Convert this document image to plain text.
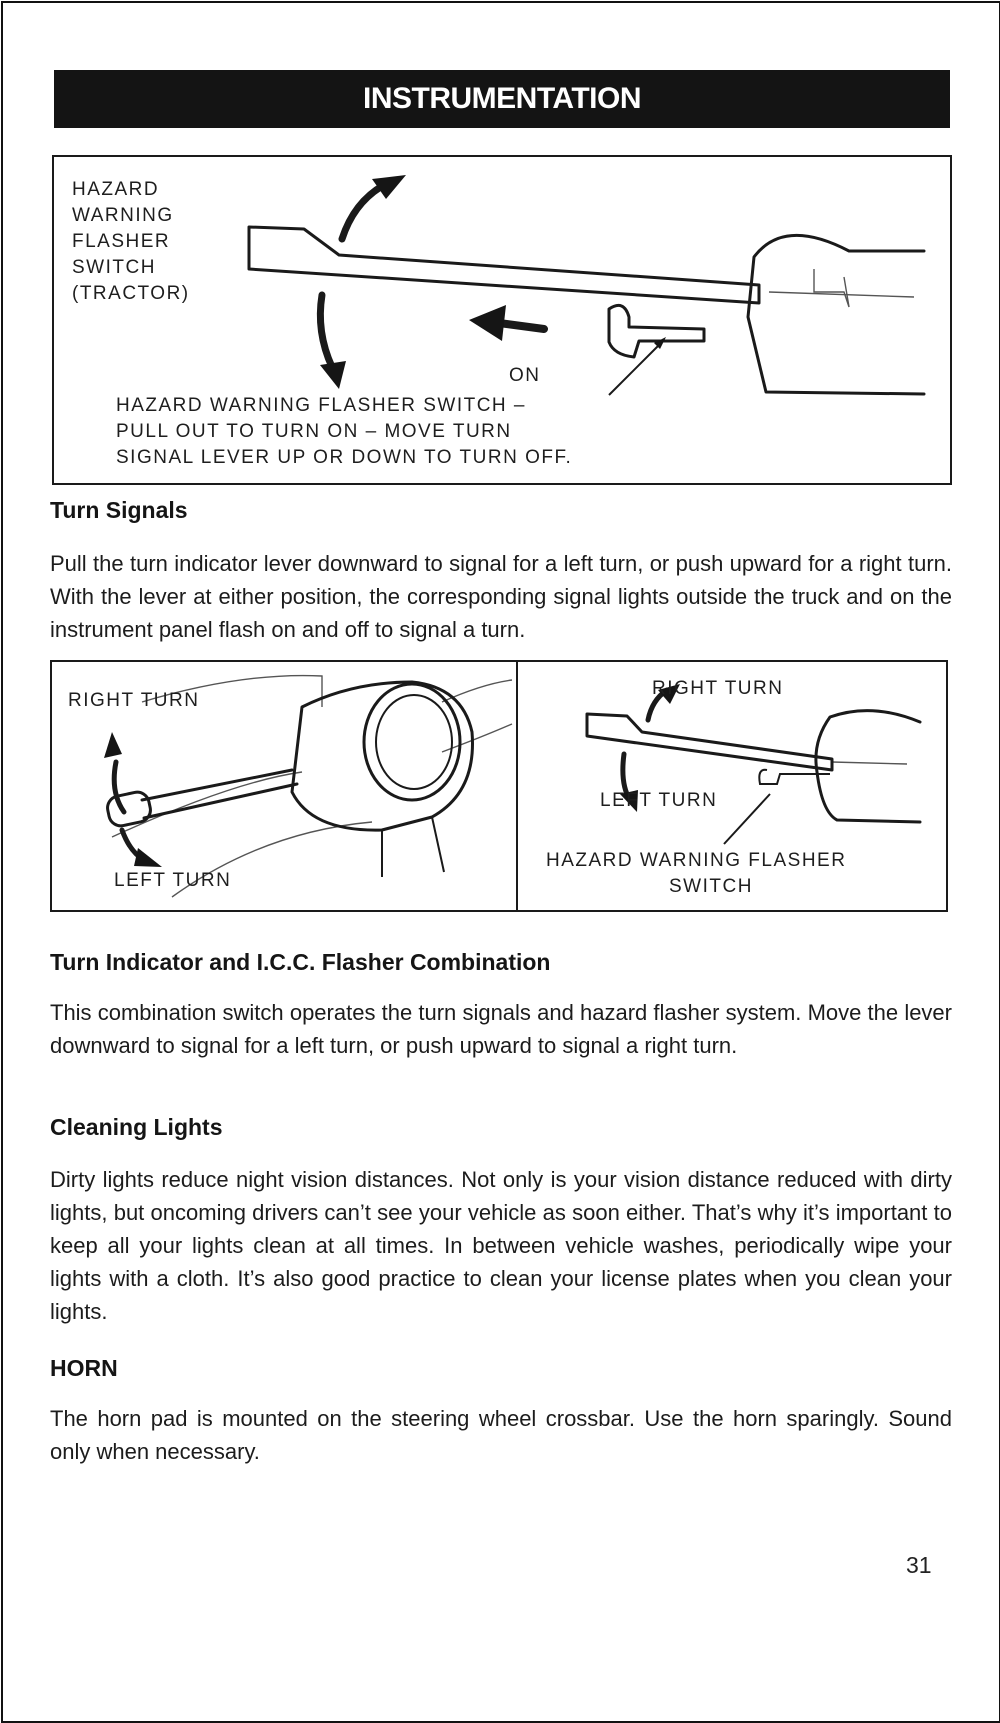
INSTRUMENTATION
HAZARD
WARNING
FLASHER
SWITCH
(TRACTOR)
ON
HAZARD WARNING FLASHER SWITCH –
PULL OUT TO TURN ON – MOVE TURN
SIGNAL LEVER UP OR DOWN TO TURN OFF.
Turn Signals

Pull the turn indicator lever downward to signal for a left turn, or push upward for a right turn. With the lever at either position, the corresponding signal lights outside the truck and on the instrument panel flash on and off to signal a turn.

RIGHT TURN
LEFT TURN
RIGHT TURN
LEFT TURN
HAZARD WARNING FLASHER
SWITCH
Turn Indicator and I.C.C. Flasher Combination

This combination switch operates the turn signals and hazard flasher system. Move the lever downward to signal for a left turn, or push upward to signal a right turn.

Cleaning Lights

Dirty lights reduce night vision distances. Not only is your vision distance reduced with dirty lights, but oncoming drivers can’t see your vehicle as soon either. That’s why it’s important to keep all your lights clean at all times. In between vehicle washes, periodically wipe your lights with a cloth. It’s also good practice to clean your license plates when you clean your lights.

HORN

The horn pad is mounted on the steering wheel crossbar. Use the horn sparingly. Sound only when necessary.

31
